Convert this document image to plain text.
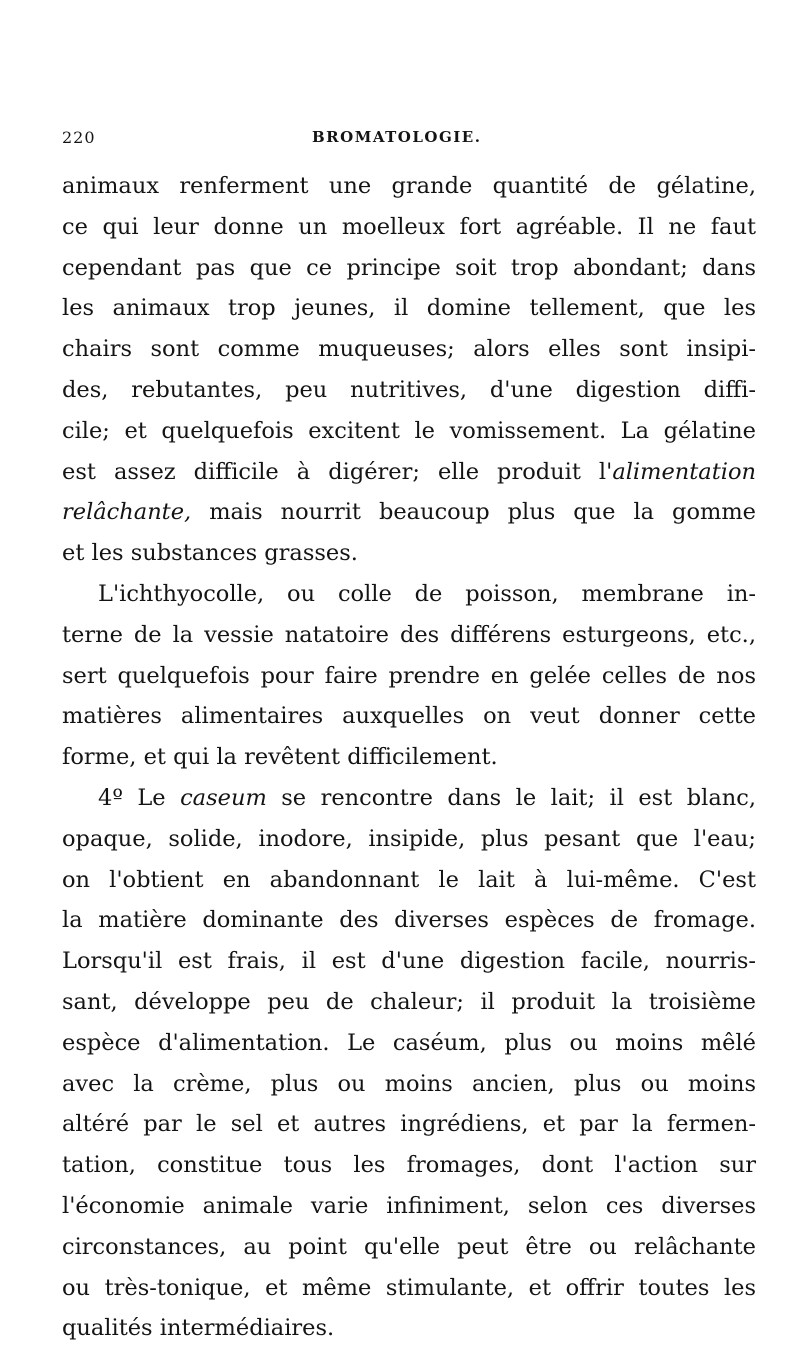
220	BROMATOLOGIE.
animaux renferment une grande quantité de gélatine,
ce qui leur donne un moelleux fort agréable. Il ne faut
cependant pas que ce principe soit trop abondant; dans
les animaux trop jeunes, il domine tellement, que les
chairs sont comme muqueuses; alors elles sont insipi-
des, rebutantes, peu nutritives, d'une digestion diffi-
cile; et quelquefois excitent le vomissement. La gélatine
est assez difficile à digérer; elle produit l'alimentation
relâchante, mais nourrit beaucoup plus que la gomme
et les substances grasses.
L'ichthyocolle, ou colle de poisson, membrane in-
terne de la vessie natatoire des différens esturgeons, etc.,
sert quelquefois pour faire prendre en gelée celles de nos
matières alimentaires auxquelles on veut donner cette
forme, et qui la revêtent difficilement.
4º Le caseum se rencontre dans le lait; il est blanc,
opaque, solide, inodore, insipide, plus pesant que l'eau;
on l'obtient en abandonnant le lait à lui-même. C'est
la matière dominante des diverses espèces de fromage.
Lorsqu'il est frais, il est d'une digestion facile, nourris-
sant, développe peu de chaleur; il produit la troisième
espèce d'alimentation. Le caséum, plus ou moins mêlé
avec la crème, plus ou moins ancien, plus ou moins
altéré par le sel et autres ingrédiens, et par la fermen-
tation, constitue tous les fromages, dont l'action sur
l'économie animale varie infiniment, selon ces diverses
circonstances, au point qu'elle peut être ou relâchante
ou très-tonique, et même stimulante, et offrir toutes les
qualités intermédiaires.
